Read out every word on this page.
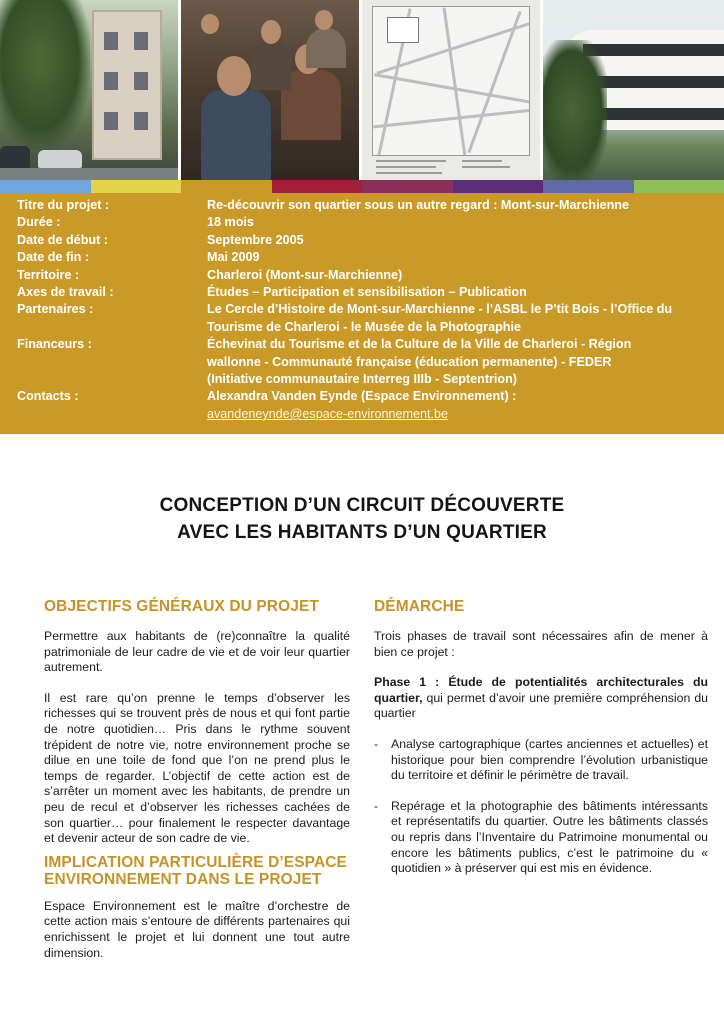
Titre du projet :	Re-découvrir son quartier sous un autre regard : Mont-sur-Marchienne
Durée :	18 mois
Date de début :	Septembre 2005
Date de fin :	Mai 2009
Territoire :	Charleroi (Mont-sur-Marchienne)
Axes de travail :	Études – Participation et sensibilisation – Publication
Partenaires :	Le Cercle d’Histoire de Mont-sur-Marchienne - l’ASBL le P’tit Bois - l’Office du
Tourisme de Charleroi - le Musée de la Photographie
Financeurs :	Échevinat du Tourisme et de la Culture de la Ville de Charleroi - Région
wallonne - Communauté française (éducation permanente) - FEDER
(Initiative communautaire Interreg IIIb - Septentrion)
Contacts :	Alexandra Vanden Eynde (Espace Environnement) :
avandeneynde@espace-environnement.be
CONCEPTION D’UN CIRCUIT DÉCOUVERTE
AVEC LES HABITANTS D’UN QUARTIER
OBJECTIFS GÉNÉRAUX DU PROJET
Permettre aux habitants de (re)connaître la qualité patrimoniale de leur cadre de vie et de voir leur quartier autrement.
Il est rare qu’on prenne le temps d’observer les richesses qui se trouvent près de nous et qui font partie de notre quotidien… Pris dans le rythme souvent trépident de notre vie, notre environnement proche se dilue en une toile de fond que l’on ne prend plus le temps de regarder. L’objectif de cette action est de s’arrêter un moment avec les habitants, de prendre un peu de recul et d’observer les richesses cachées de son quartier… pour finalement le respecter davantage et devenir acteur de son cadre de vie.
IMPLICATION PARTICULIÈRE D’ESPACE
ENVIRONNEMENT DANS LE PROJET
Espace Environnement est le maître d’orchestre de cette action mais s’entoure de différents partenaires qui enrichissent le projet et lui donnent une tout autre dimension.
DÉMARCHE
Trois phases de travail sont nécessaires afin de mener à bien ce projet :
Phase 1 : Étude de potentialités architecturales du quartier, qui permet d’avoir une première compréhension du quartier
-	Analyse cartographique (cartes anciennes et actuelles) et historique pour bien comprendre l’évolution urbanistique du territoire et définir le périmètre de travail.
-	Repérage et la photographie des bâtiments intéressants et représentatifs du quartier. Outre les bâtiments classés ou repris dans l’Inventaire du Patrimoine monumental ou encore les bâtiments publics, c’est le patrimoine du « quotidien » à préserver qui est mis en évidence.
